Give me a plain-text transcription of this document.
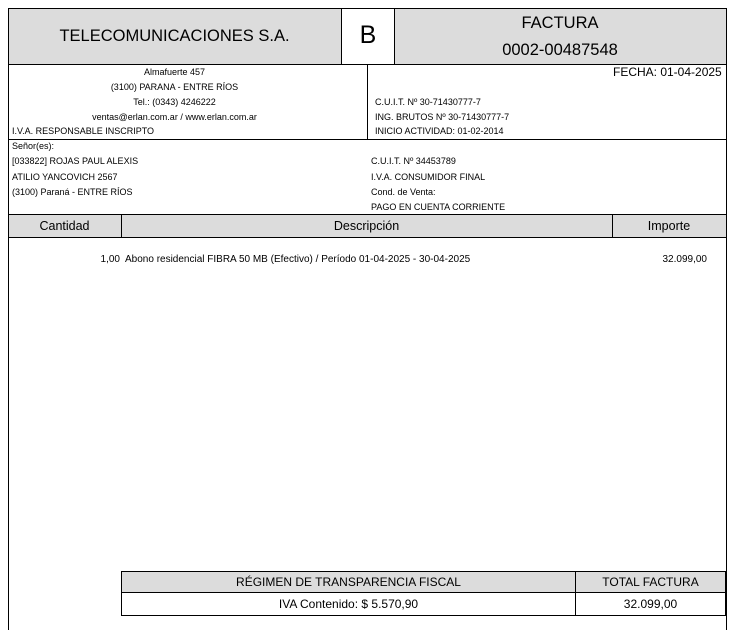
TELECOMUNICACIONES S.A.	B	FACTURA
0002-00487548
FECHA: 01-04-2025
Almafuerte 457
(3100) PARANA - ENTRE RÍOS
Tel.: (0343) 4246222
ventas@erlan.com.ar / www.erlan.com.ar
I.V.A. RESPONSABLE INSCRIPTO
C.U.I.T. Nº 30-71430777-7
ING. BRUTOS Nº 30-71430777-7
INICIO ACTIVIDAD: 01-02-2014
Señor(es):
[033822] ROJAS PAUL ALEXIS
ATILIO YANCOVICH 2567
(3100) Paraná - ENTRE RÍOS
C.U.I.T. Nº 34453789
I.V.A. CONSUMIDOR FINAL
Cond. de Venta:
PAGO EN CUENTA CORRIENTE
Cantidad	Descripción	Importe
1,00 Abono residencial FIBRA 50 MB (Efectivo) / Período 01-04-2025 - 30-04-2025	32.099,00
RÉGIMEN DE TRANSPARENCIA FISCAL	TOTAL FACTURA
IVA Contenido: $ 5.570,90	32.099,00
